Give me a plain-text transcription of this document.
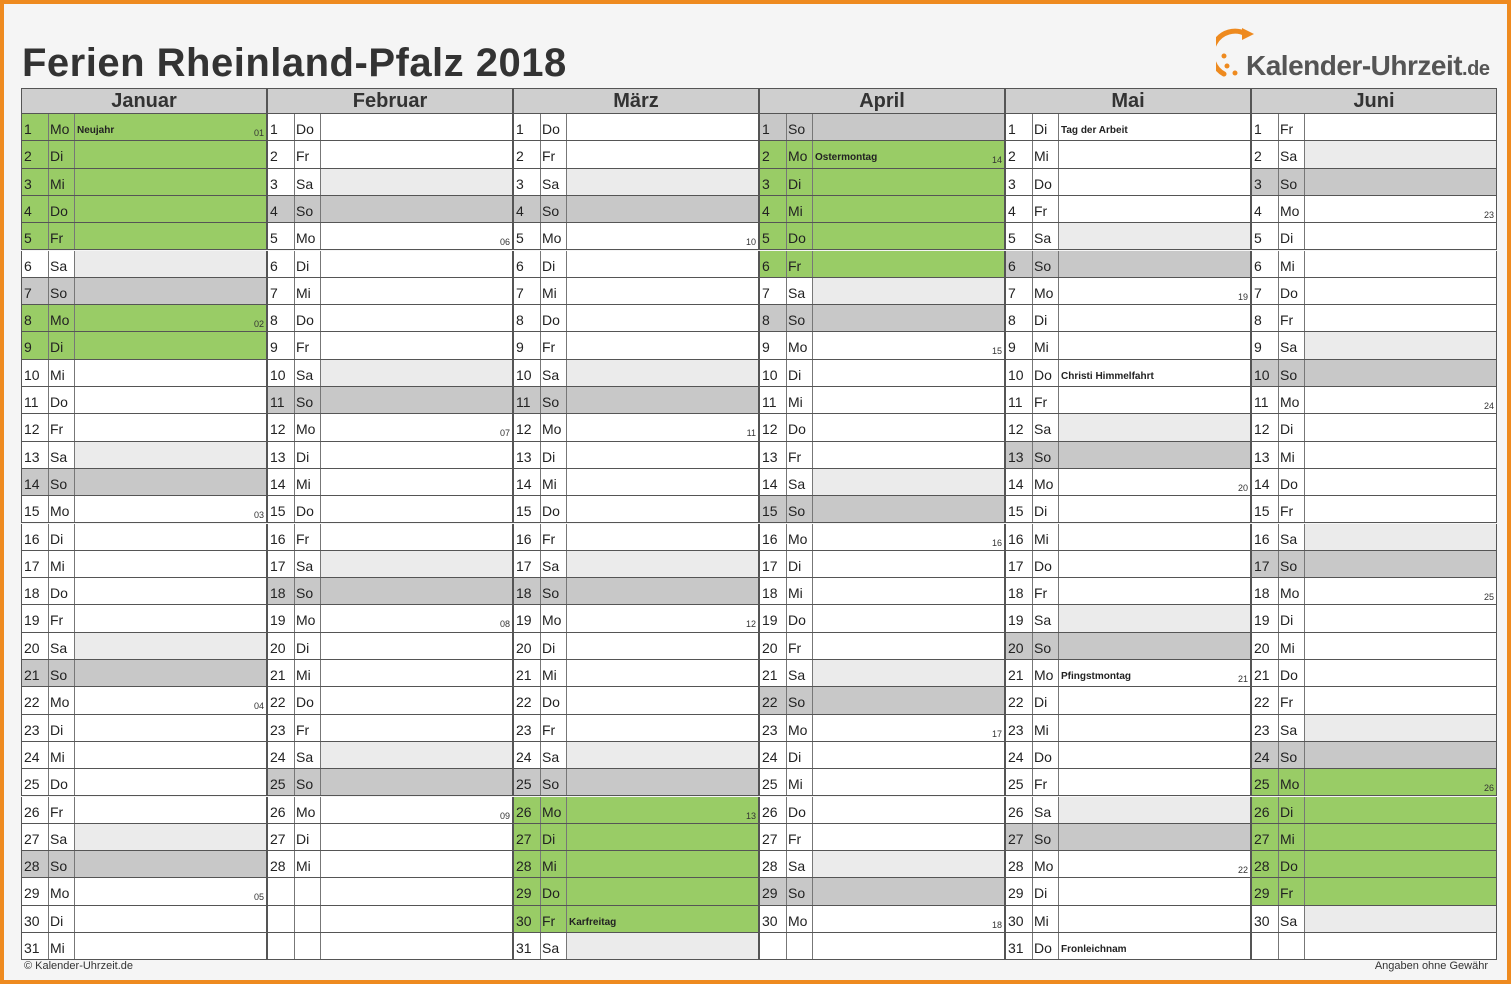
Ferien Rheinland-Pfalz 2018	Kalender-Uhrzeit.de
Januar
1	Mo Neujahr	01
2	Di
3	Mi
4	Do
5	Fr
6	Sa
7	So
8	Mo	02
9	Di
10 Mi
11 Do
12 Fr
13 Sa
14 So
15 Mo	03
16 Di
17 Mi
18 Do
19 Fr
20 Sa
21 So
22 Mo	04
23 Di
24 Mi
25 Do
26 Fr
27 Sa
28 So
29 Mo	05
30 Di
31 Mi
Februar
1	Do
2	Fr
3	Sa
4	So
5	Mo	06
6	Di
7	Mi
8	Do
9	Fr
10 Sa
11 So
12 Mo	07
13 Di
14 Mi
15 Do
16 Fr
17 Sa
18 So
19 Mo	08
20 Di
21 Mi
22 Do
23 Fr
24 Sa
25 So
26 Mo	09
27 Di
28 Mi
März
1	Do
2	Fr
3	Sa
4	So
5	Mo	10
6	Di
7	Mi
8	Do
9	Fr
10 Sa
11 So
12 Mo	11
13 Di
14 Mi
15 Do
16 Fr
17 Sa
18 So
19 Mo	12
20 Di
21 Mi
22 Do
23 Fr
24 Sa
25 So
26 Mo	13
27 Di
28 Mi
29 Do
30 Fr	Karfreitag
31 Sa
April
1	So
2	Mo Ostermontag	14
3	Di
4	Mi
5	Do
6	Fr
7	Sa
8	So
9	Mo	15
10 Di
11 Mi
12 Do
13 Fr
14 Sa
15 So
16 Mo	16
17 Di
18 Mi
19 Do
20 Fr
21 Sa
22 So
23 Mo	17
24 Di
25 Mi
26 Do
27 Fr
28 Sa
29 So
30 Mo	18
Mai
1	Di	Tag der Arbeit
2	Mi
3	Do
4	Fr
5	Sa
6	So
7	Mo	19
8	Di
9	Mi
10 Do Christi Himmelfahrt
11 Fr
12 Sa
13 So
14 Mo	20
15 Di
16 Mi
17 Do
18 Fr
19 Sa
20 So
21 Mo Pfingstmontag	21
22 Di
23 Mi
24 Do
25 Fr
26 Sa
27 So
28 Mo	22
29 Di
30 Mi
31 Do Fronleichnam
Juni
1	Fr
2	Sa
3	So
4	Mo	23
5	Di
6	Mi
7	Do
8	Fr
9	Sa
10 So
11 Mo	24
12 Di
13 Mi
14 Do
15 Fr
16 Sa
17 So
18 Mo	25
19 Di
20 Mi
21 Do
22 Fr
23 Sa
24 So
25 Mo	26
26 Di
27 Mi
28 Do
29 Fr
30 Sa
© Kalender-Uhrzeit.de	Angaben ohne Gewähr
